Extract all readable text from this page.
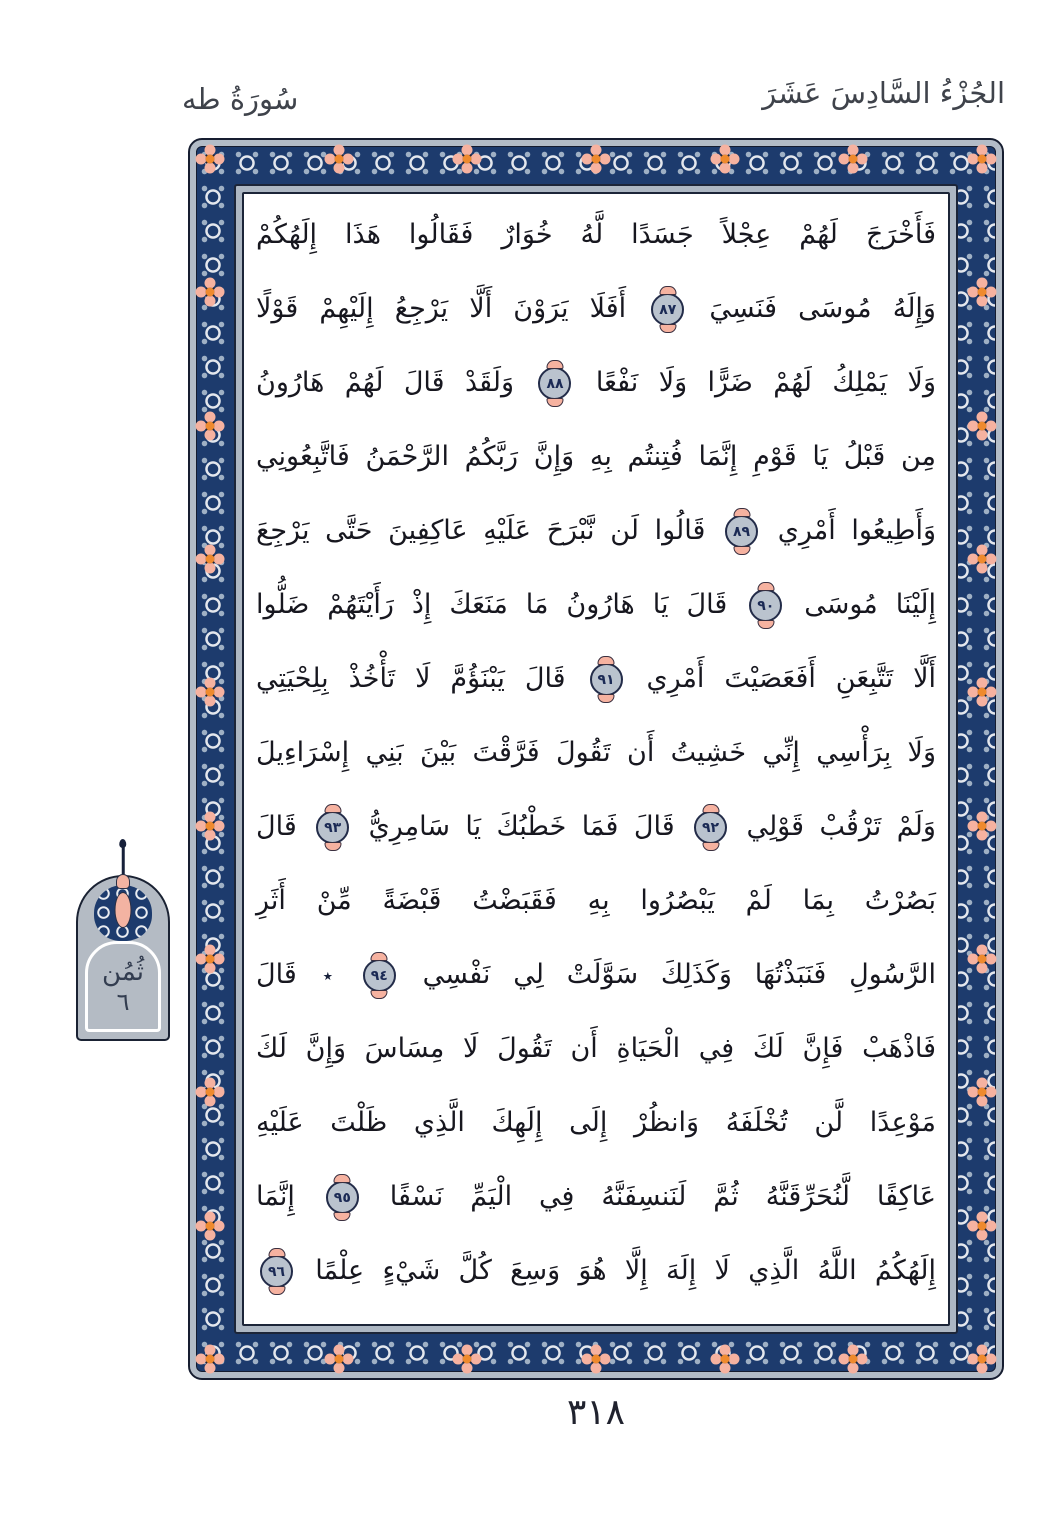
سُورَةُ طه	الجُزْءُ السَّادِسَ عَشَرَ
فَأَخْرَجَ لَهُمْ عِجْلاً جَسَدًا لَّهُ خُوَارٌ فَقَالُوا هَذَا إِلَهُكُمْ
وَإِلَهُ مُوسَى فَنَسِيَ ٨٧ أَفَلَا يَرَوْنَ أَلَّا يَرْجِعُ إِلَيْهِمْ قَوْلًا
وَلَا يَمْلِكُ لَهُمْ ضَرًّا وَلَا نَفْعًا ٨٨ وَلَقَدْ قَالَ لَهُمْ هَارُونُ
مِن قَبْلُ يَا قَوْمِ إِنَّمَا فُتِنتُم بِهِ وَإِنَّ رَبَّكُمُ الرَّحْمَنُ فَاتَّبِعُونِي
وَأَطِيعُوا أَمْرِي ٨٩ قَالُوا لَن نَّبْرَحَ عَلَيْهِ عَاكِفِينَ حَتَّى يَرْجِعَ
إِلَيْنَا مُوسَى ٩٠ قَالَ يَا هَارُونُ مَا مَنَعَكَ إِذْ رَأَيْتَهُمْ ضَلُّوا
أَلَّا تَتَّبِعَنِ أَفَعَصَيْتَ أَمْرِي ٩١ قَالَ يَبْنَؤُمَّ لَا تَأْخُذْ بِلِحْيَتِي
وَلَا بِرَأْسِي إِنِّي خَشِيتُ أَن تَقُولَ فَرَّقْتَ بَيْنَ بَنِي إِسْرَاءِيلَ
وَلَمْ تَرْقُبْ قَوْلِي ٩٢ قَالَ فَمَا خَطْبُكَ يَا سَامِرِيُّ ٩٣ قَالَ
بَصُرْتُ بِمَا لَمْ يَبْصُرُوا بِهِ فَقَبَضْتُ قَبْضَةً مِّنْ أَثَرِ
الرَّسُولِ فَنَبَذْتُهَا وَكَذَلِكَ سَوَّلَتْ لِي نَفْسِي ٩٤ ٭ قَالَ
فَاذْهَبْ فَإِنَّ لَكَ فِي الْحَيَاةِ أَن تَقُولَ لَا مِسَاسَ وَإِنَّ لَكَ
مَوْعِدًا لَّن تُخْلَفَهُ وَانظُرْ إِلَى إِلَهِكَ الَّذِي ظَلْتَ عَلَيْهِ
عَاكِفًا لَّنُحَرِّقَنَّهُ ثُمَّ لَنَنسِفَنَّهُ فِي الْيَمِّ نَسْفًا ٩٥ إِنَّمَا
إِلَهُكُمُ اللَّهُ الَّذِي لَا إِلَهَ إِلَّا هُوَ وَسِعَ كُلَّ شَيْءٍ عِلْمًا ٩٦
ثُمُن
٦
٣١٨
